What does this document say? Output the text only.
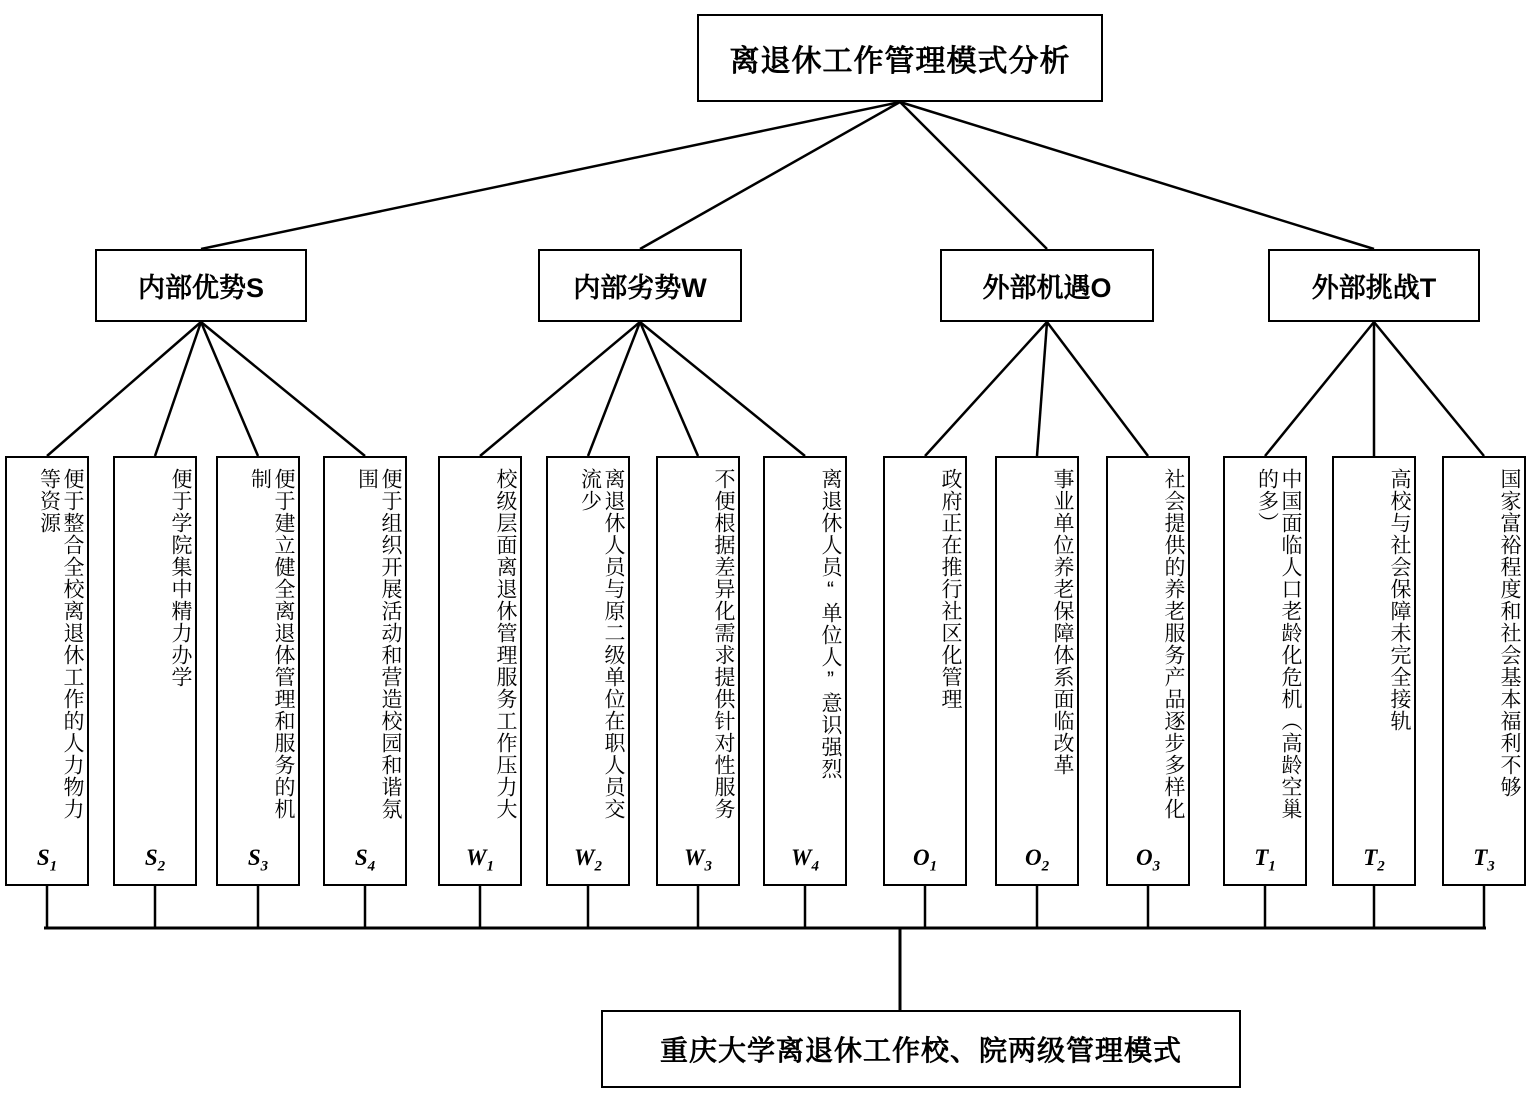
离退休工作管理模式分析
内部优势S	内部劣势W	外部机遇O	外部挑战T
便于整合全校离退休工作的人力物力等资源
$S_1$
便于学院集中精力办学
$S_2$
便于建立健全离退体管理和服务的机制
$S_3$
便于组织开展活动和营造校园和谐氛围
$S_4$
校级层面离退休管理服务工作压力大
$W_1$
离退休人员与原二级单位在职人员交流少
$W_2$
不便根据差异化需求提供针对性服务
$W_3$
离退休人员“单位人”意识强烈
$W_4$
政府正在推行社区化管理
$O_1$
事业单位养老保障体系面临改革
$O_2$
社会提供的养老服务产品逐步多样化
$O_3$
中国面临人口老龄化危机（高龄空巢的多）
$T_1$
高校与社会保障未完全接轨
$T_2$
国家富裕程度和社会基本福利不够
$T_3$
重庆大学离退休工作校、院两级管理模式
